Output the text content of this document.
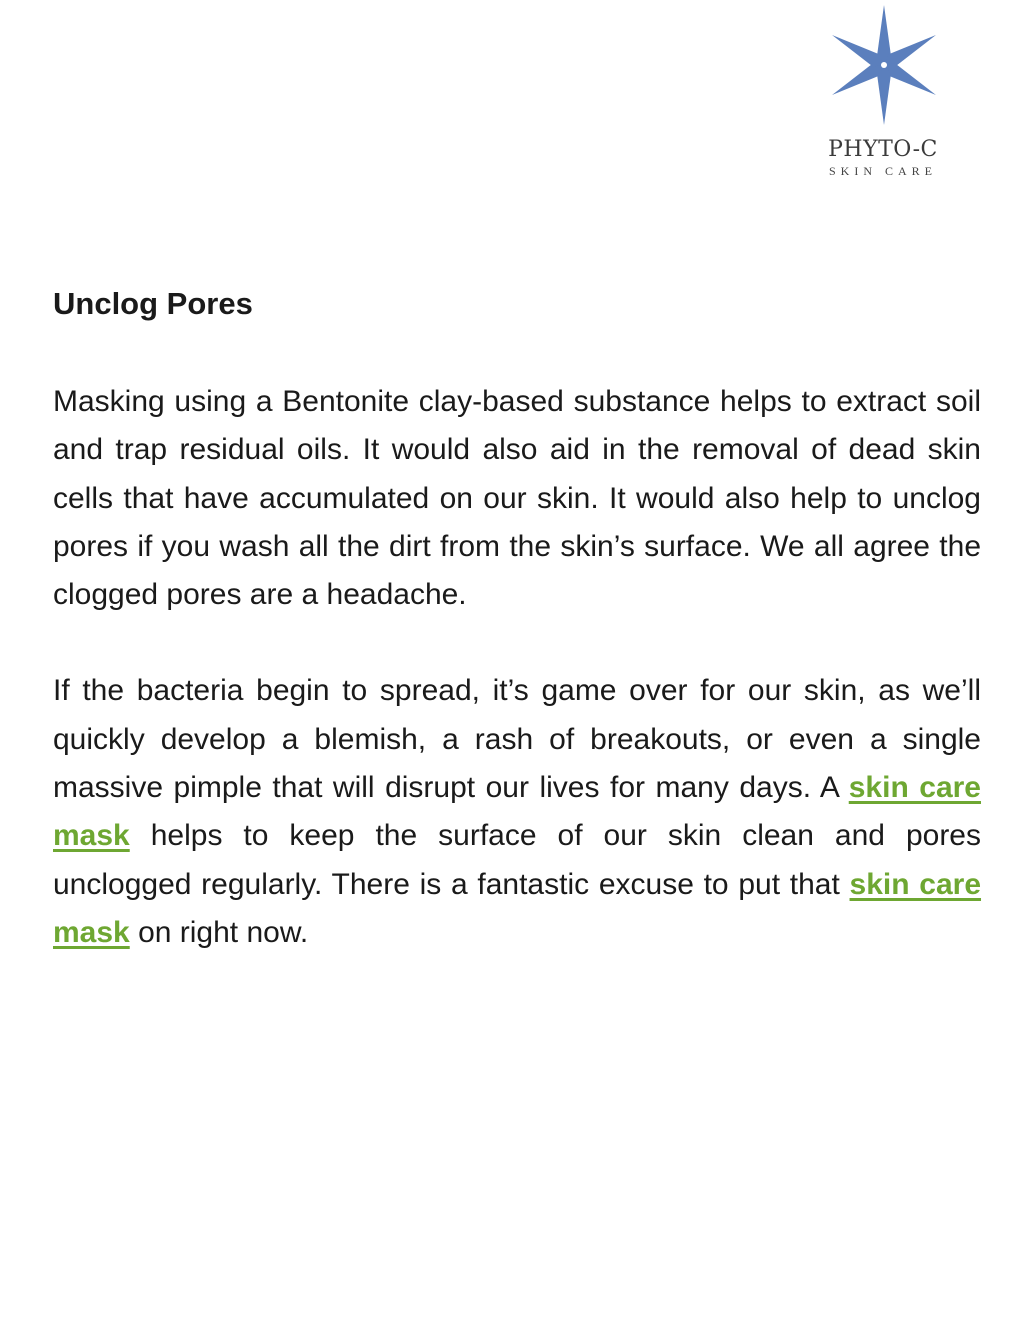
PHYTO-C
SKIN CARE
Unclog Pores

Masking using a Bentonite clay-based substance helps to extract soil and trap residual oils. It would also aid in the removal of dead skin cells that have accumulated on our skin. It would also help to unclog pores if you wash all the dirt from the skin’s surface. We all agree the clogged pores are a headache.

If the bacteria begin to spread, it’s game over for our skin, as we’ll quickly develop a blemish, a rash of breakouts, or even a single massive pimple that will disrupt our lives for many days. A skin care mask helps to keep the surface of our skin clean and pores unclogged regularly. There is a fantastic excuse to put that skin care mask on right now.
